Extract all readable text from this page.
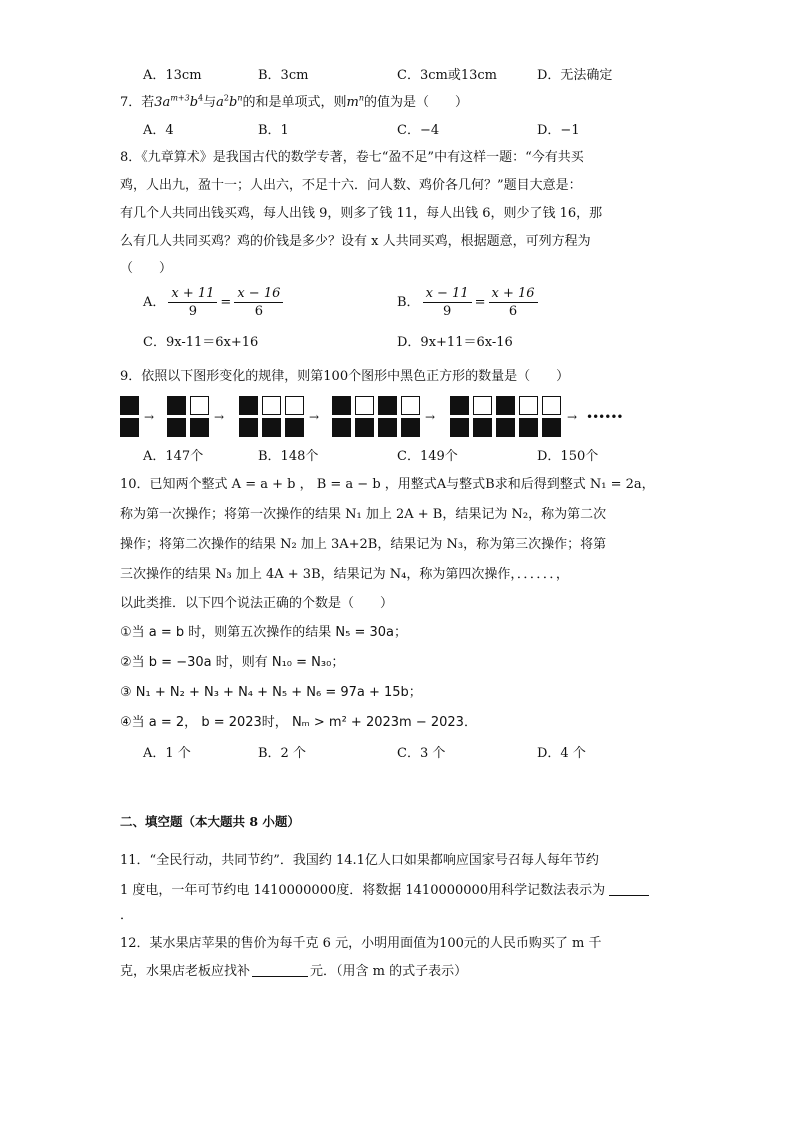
A．13cm	B．3cm	C．3cm或13cm	D．无法确定
7．若$3a^{m+3}b^4$与$a^2b^n$的和是单项式，则$m^n$的值为是（　　）
A．4	B．1	C．−4	D．−1
8．《九章算术》是我国古代的数学专著，卷七“盈不足”中有这样一题：“今有共买
鸡，人出九，盈十一；人出六，不足十六．问人数、鸡价各几何？”题目大意是：
有几个人共同出钱买鸡，每人出钱 9，则多了钱 11，每人出钱 6，则少了钱 16，那
么有几人共同买鸡？鸡的价钱是多少？设有 x 人共同买鸡，根据题意，可列方程为
（　　）
A． $\frac{x + 11}{9} = \frac{x - 16}{6}$	B． $\frac{x - 11}{9} = \frac{x + 16}{6}$
C．9x-11＝6x+16	D．9x+11＝6x-16
9．依照以下图形变化的规律，则第100个图形中黑色正方形的数量是（　　）
→	→	→	→	→ ••••••
A．147个	B．148个	C．149个	D．150个
10．已知两个整式 A = a + b ， B = a − b ，用整式A与整式B求和后得到整式 N₁ = 2a，
称为第一次操作；将第一次操作的结果 N₁ 加上 2A + B，结果记为 N₂，称为第二次
操作；将第二次操作的结果 N₂ 加上 3A+2B，结果记为 N₃，称为第三次操作；将第
三次操作的结果 N₃ 加上 4A + 3B，结果记为 N₄，称为第四次操作，．．．．．．，
以此类推．以下四个说法正确的个数是（　　）
①当 a = b 时，则第五次操作的结果 N₅ = 30a；
②当 b = −30a 时，则有 N₁₀ = N₃₀；
③ N₁ + N₂ + N₃ + N₄ + N₅ + N₆ = 97a + 15b；
④当 a = 2， b = 2023时， Nₘ > m² + 2023m − 2023．
A．1 个	B．2 个	C．3 个	D．4 个
二、填空题（本大题共 8 小题）
11．“全民行动，共同节约”．我国约 14.1亿人口如果都响应国家号召每人每年节约
1 度电，一年可节约电 1410000000度．将数据 1410000000用科学记数法表示为
．
12．某水果店苹果的售价为每千克 6 元，小明用面值为100元的人民币购买了 m 千
克，水果店老板应找补	元．（用含 m 的式子表示）
